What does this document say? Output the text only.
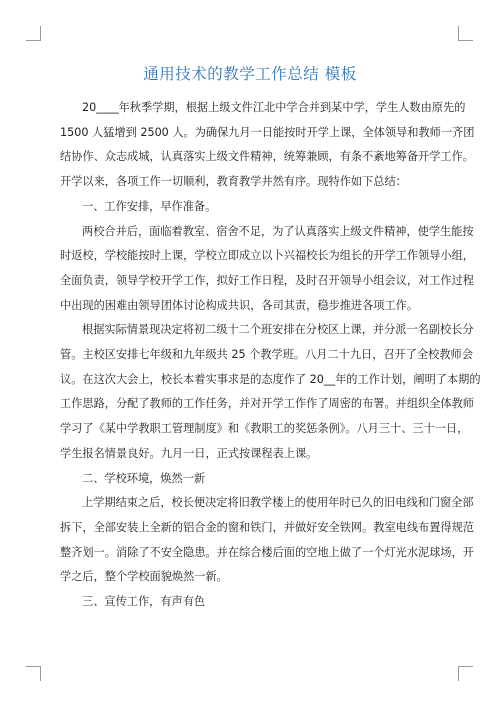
通用技术的教学工作总结 模板
20____年秋季学期，根据上级文件江北中学合并到某中学，学生人数由原先的
1500 人猛增到 2500 人。为确保九月一日能按时开学上课，全体领导和教师一齐团
结协作、众志成城，认真落实上级文件精神，统筹兼顾，有条不紊地筹备开学工作。
开学以来，各项工作一切顺利，教育教学井然有序。现特作如下总结：
一、工作安排，早作准备。
两校合并后，面临着教室、宿舍不足，为了认真落实上级文件精神，使学生能按
时返校，学校能按时上课，学校立即成立以卜兴福校长为组长的开学工作领导小组，
全面负责，领导学校开学工作，拟好工作日程，及时召开领导小组会议，对工作过程
中出现的困难由领导团体讨论构成共识，各司其责，稳步推进各项工作。
根据实际情景现决定将初二级十二个班安排在分校区上课，并分派一名副校长分
管。主校区安排七年级和九年级共 25 个教学班。八月二十九日，召开了全校教师会
议。在这次大会上，校长本着实事求是的态度作了 20__年的工作计划，阐明了本期的
工作思路，分配了教师的工作任务，并对开学工作作了周密的布署。并组织全体教师
学习了《某中学教职工管理制度》和《教职工的奖惩条例》。八月三十、三十一日，
学生报名情景良好。九月一日，正式按课程表上课。
二、学校环境，焕然一新
上学期结束之后，校长便决定将旧教学楼上的使用年时已久的旧电线和门窗全部
拆下，全部安装上全新的铝合金的窗和铁门，并做好安全铁网。教室电线布置得规范
整齐划一。消除了不安全隐患。并在综合楼后面的空地上做了一个灯光水泥球场，开
学之后，整个学校面貌焕然一新。
三、宣传工作，有声有色
